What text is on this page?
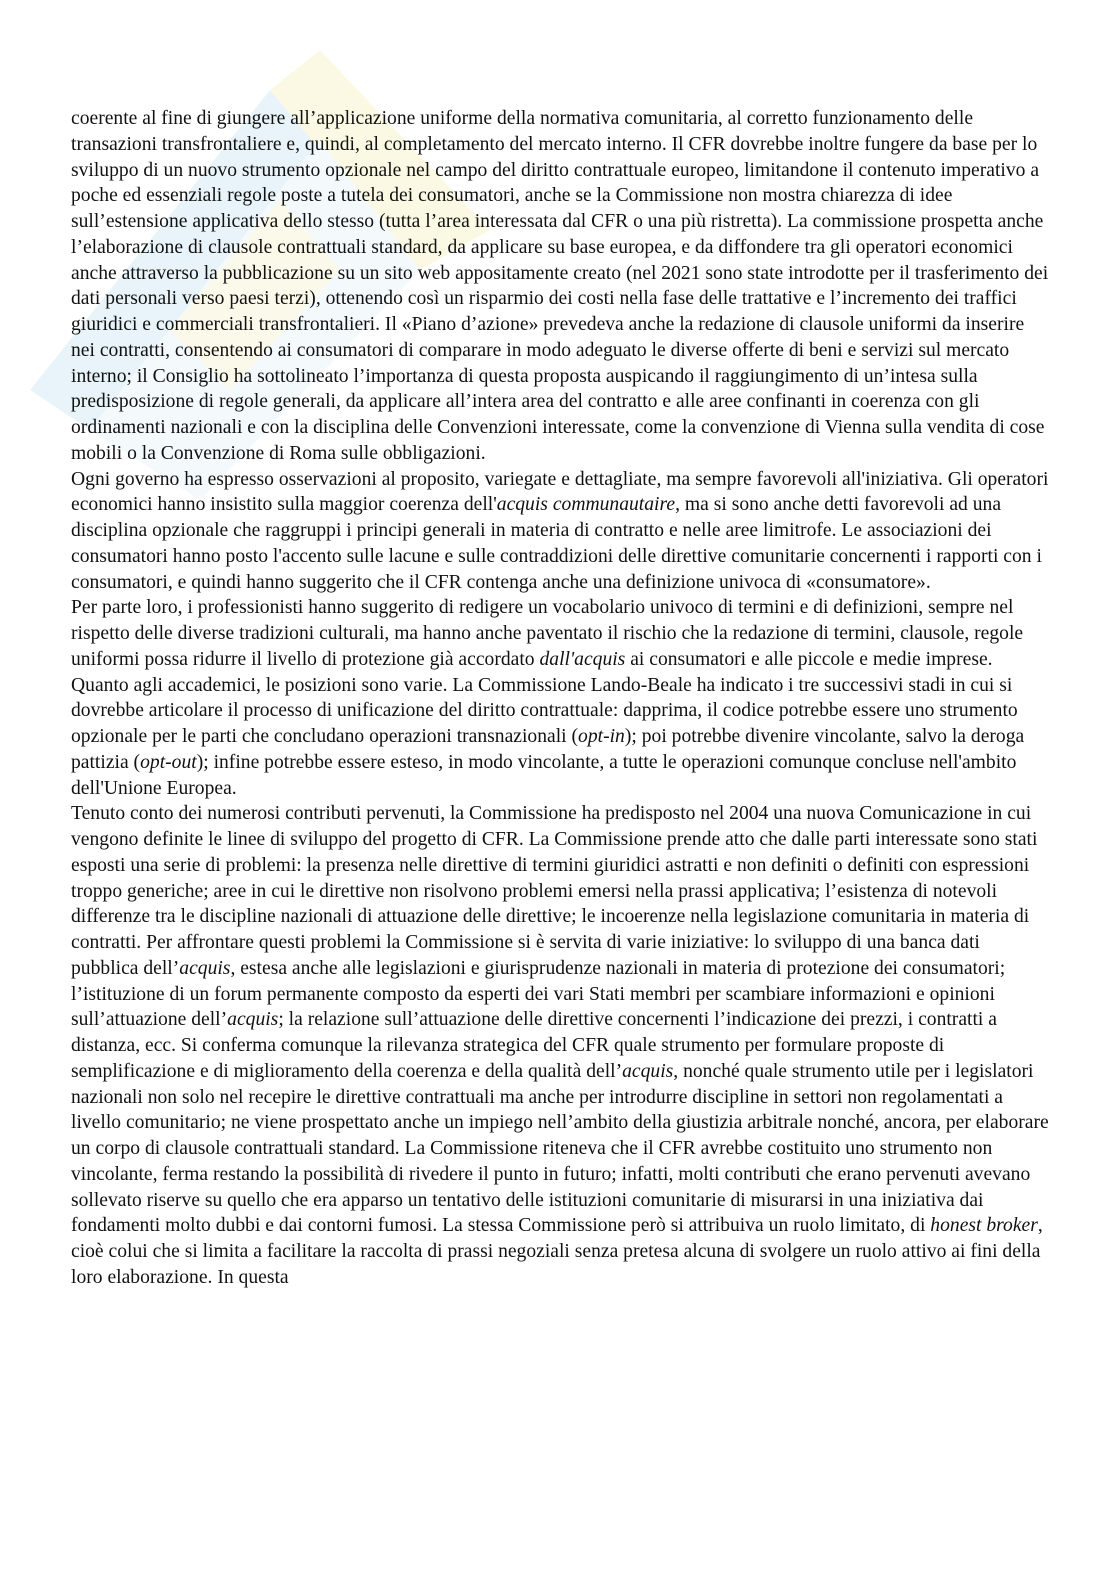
coerente al fine di giungere all’applicazione uniforme della normativa comunitaria, al corretto funzionamento delle transazioni transfrontaliere e, quindi, al completamento del mercato interno. Il CFR dovrebbe inoltre fungere da base per lo sviluppo di un nuovo strumento opzionale nel campo del diritto contrattuale europeo, limitandone il contenuto imperativo a poche ed essenziali regole poste a tutela dei consumatori, anche se la Commissione non mostra chiarezza di idee sull’estensione applicativa dello stesso (tutta l’area interessata dal CFR o una più ristretta). La commissione prospetta anche l’elaborazione di clausole contrattuali standard, da applicare su base europea, e da diffondere tra gli operatori economici anche attraverso la pubblicazione su un sito web appositamente creato (nel 2021 sono state introdotte per il trasferimento dei dati personali verso paesi terzi), ottenendo così un risparmio dei costi nella fase delle trattative e l’incremento dei traffici giuridici e commerciali transfrontalieri. Il «Piano d’azione» prevedeva anche la redazione di clausole uniformi da inserire nei contratti, consentendo ai consumatori di comparare in modo adeguato le diverse offerte di beni e servizi sul mercato interno; il Consiglio ha sottolineato l’importanza di questa proposta auspicando il raggiungimento di un’intesa sulla predisposizione di regole generali, da applicare all’intera area del contratto e alle aree confinanti in coerenza con gli ordinamenti nazionali e con la disciplina delle Convenzioni interessate, come la convenzione di Vienna sulla vendita di cose mobili o la Convenzione di Roma sulle obbligazioni.

Ogni governo ha espresso osservazioni al proposito, variegate e dettagliate, ma sempre favorevoli all'iniziativa. Gli operatori economici hanno insistito sulla maggior coerenza dell'acquis communautaire, ma si sono anche detti favorevoli ad una disciplina opzionale che raggruppi i principi generali in materia di contratto e nelle aree limitrofe. Le associazioni dei consumatori hanno posto l'accento sulle lacune e sulle contraddizioni delle direttive comunitarie concernenti i rapporti con i consumatori, e quindi hanno suggerito che il CFR contenga anche una definizione univoca di «consumatore».

Per parte loro, i professionisti hanno suggerito di redigere un vocabolario univoco di termini e di definizioni, sempre nel rispetto delle diverse tradizioni culturali, ma hanno anche paventato il rischio che la redazione di termini, clausole, regole uniformi possa ridurre il livello di protezione già accordato dall'acquis ai consumatori e alle piccole e medie imprese.

Quanto agli accademici, le posizioni sono varie. La Commissione Lando-Beale ha indicato i tre successivi stadi in cui si dovrebbe articolare il processo di unificazione del diritto contrattuale: dapprima, il codice potrebbe essere uno strumento opzionale per le parti che concludano operazioni transnazionali (opt-in); poi potrebbe divenire vincolante, salvo la deroga pattizia (opt-out); infine potrebbe essere esteso, in modo vincolante, a tutte le operazioni comunque concluse nell'ambito dell'Unione Europea.

Tenuto conto dei numerosi contributi pervenuti, la Commissione ha predisposto nel 2004 una nuova Comunicazione in cui vengono definite le linee di sviluppo del progetto di CFR. La Commissione prende atto che dalle parti interessate sono stati esposti una serie di problemi: la presenza nelle direttive di termini giuridici astratti e non definiti o definiti con espressioni troppo generiche; aree in cui le direttive non risolvono problemi emersi nella prassi applicativa; l’esistenza di notevoli differenze tra le discipline nazionali di attuazione delle direttive; le incoerenze nella legislazione comunitaria in materia di contratti. Per affrontare questi problemi la Commissione si è servita di varie iniziative: lo sviluppo di una banca dati pubblica dell’acquis, estesa anche alle legislazioni e giurisprudenze nazionali in materia di protezione dei consumatori; l’istituzione di un forum permanente composto da esperti dei vari Stati membri per scambiare informazioni e opinioni sull’attuazione dell’acquis; la relazione sull’attuazione delle direttive concernenti l’indicazione dei prezzi, i contratti a distanza, ecc. Si conferma comunque la rilevanza strategica del CFR quale strumento per formulare proposte di semplificazione e di miglioramento della coerenza e della qualità dell’acquis, nonché quale strumento utile per i legislatori nazionali non solo nel recepire le direttive contrattuali ma anche per introdurre discipline in settori non regolamentati a livello comunitario; ne viene prospettato anche un impiego nell’ambito della giustizia arbitrale nonché, ancora, per elaborare un corpo di clausole contrattuali standard. La Commissione riteneva che il CFR avrebbe costituito uno strumento non vincolante, ferma restando la possibilità di rivedere il punto in futuro; infatti, molti contributi che erano pervenuti avevano sollevato riserve su quello che era apparso un tentativo delle istituzioni comunitarie di misurarsi in una iniziativa dai fondamenti molto dubbi e dai contorni fumosi. La stessa Commissione però si attribuiva un ruolo limitato, di honest broker, cioè colui che si limita a facilitare la raccolta di prassi negoziali senza pretesa alcuna di svolgere un ruolo attivo ai fini della loro elaborazione. In questa
